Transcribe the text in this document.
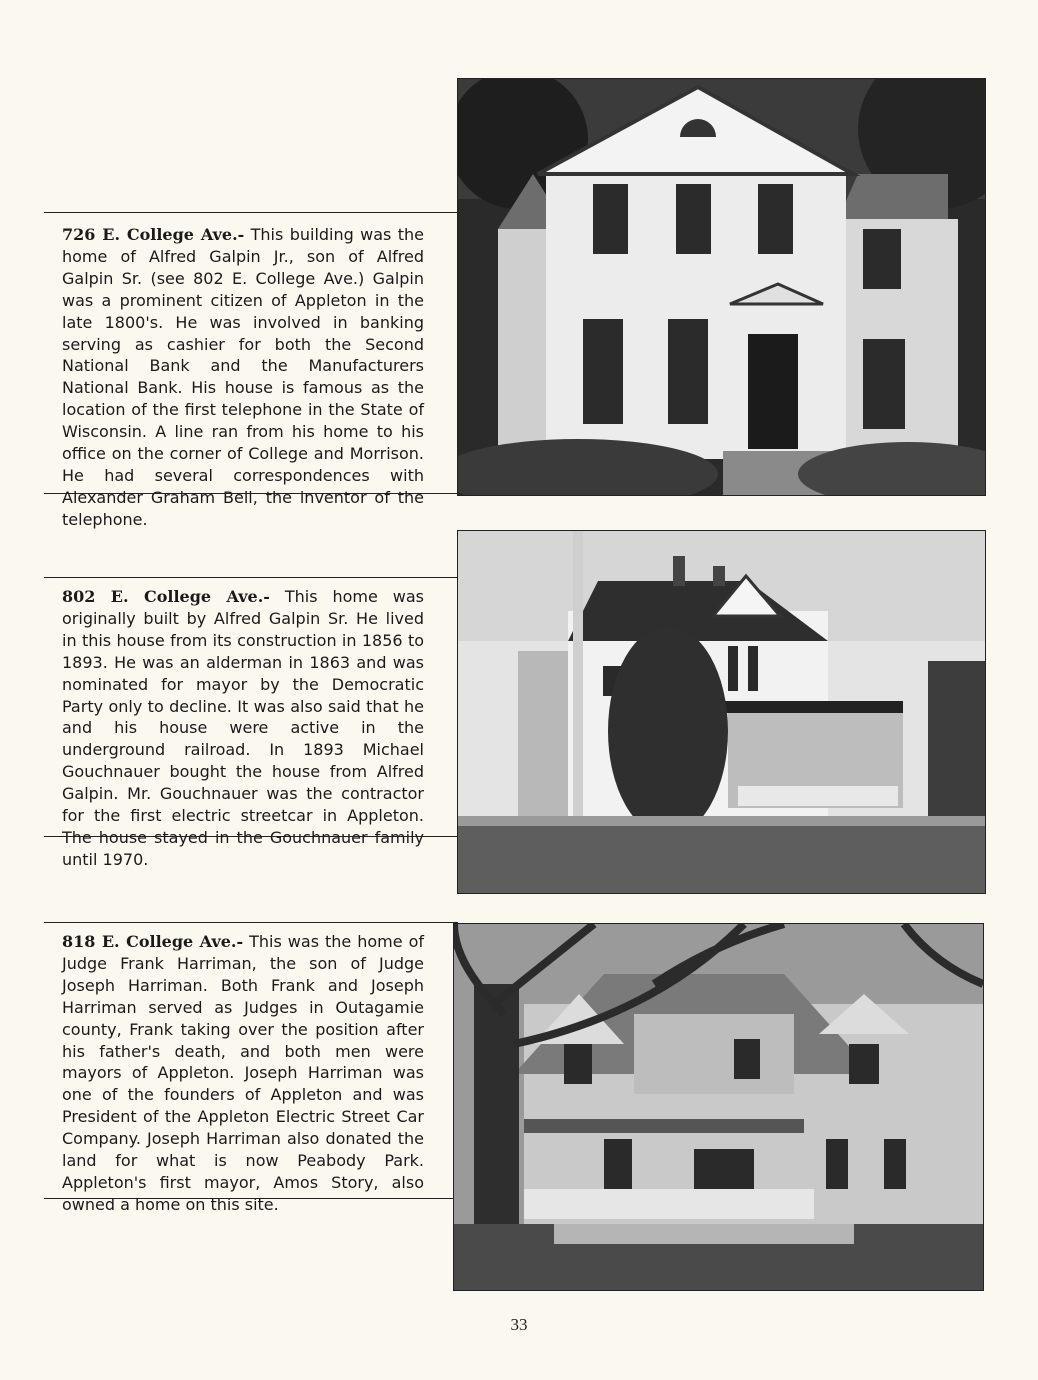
726 E. College Ave.- This building was the home of Alfred Galpin Jr., son of Alfred Galpin Sr. (see 802 E. College Ave.) Galpin was a prominent citizen of Appleton in the late 1800's. He was involved in banking serving as cashier for both the Second National Bank and the Manufacturers National Bank. His house is famous as the location of the first telephone in the State of Wisconsin. A line ran from his home to his office on the corner of College and Morrison. He had several correspondences with Alexander Graham Bell, the inventor of the telephone.
802 E. College Ave.- This home was originally built by Alfred Galpin Sr. He lived in this house from its construction in 1856 to 1893. He was an alderman in 1863 and was nominated for mayor by the Democratic Party only to decline. It was also said that he and his house were active in the underground railroad. In 1893 Michael Gouchnauer bought the house from Alfred Galpin. Mr. Gouchnauer was the contractor for the first electric streetcar in Appleton. The house stayed in the Gouchnauer family until 1970.
818 E. College Ave.- This was the home of Judge Frank Harriman, the son of Judge Joseph Harriman. Both Frank and Joseph Harriman served as Judges in Outagamie county, Frank taking over the position after his father's death, and both men were mayors of Appleton. Joseph Harriman was one of the founders of Appleton and was President of the Appleton Electric Street Car Company. Joseph Harriman also donated the land for what is now Peabody Park. Appleton's first mayor, Amos Story, also owned a home on this site.
33
